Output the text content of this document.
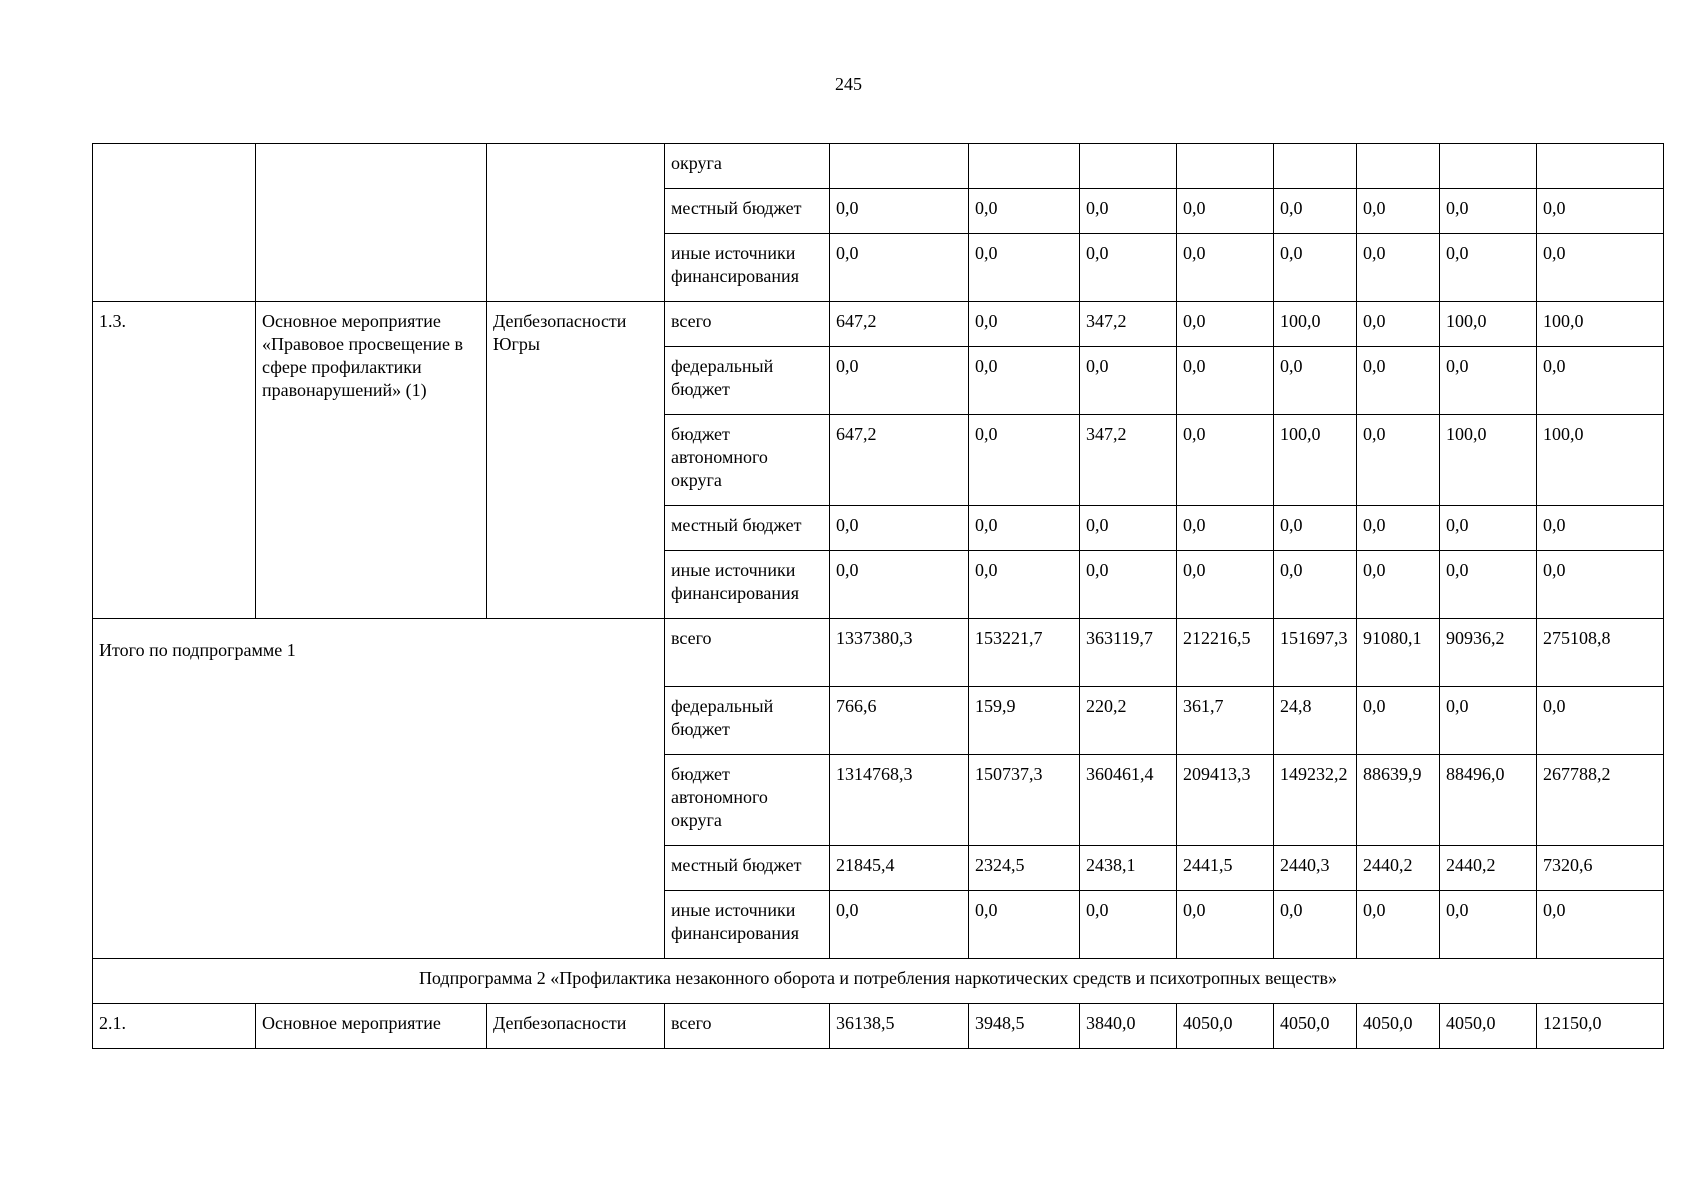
245
			округа								
			местный бюджет	0,0	0,0	0,0	0,0	0,0	0,0	0,0	0,0
			иные источники финансирования	0,0	0,0	0,0	0,0	0,0	0,0	0,0	0,0
1.3.	Основное мероприятие «Правовое просвещение в сфере профилактики правонарушений» (1)	Депбезопасности Югры	всего	647,2	0,0	347,2	0,0	100,0	0,0	100,0	100,0
			федеральный бюджет	0,0	0,0	0,0	0,0	0,0	0,0	0,0	0,0
			бюджет автономного округа	647,2	0,0	347,2	0,0	100,0	0,0	100,0	100,0
			местный бюджет	0,0	0,0	0,0	0,0	0,0	0,0	0,0	0,0
			иные источники финансирования	0,0	0,0	0,0	0,0	0,0	0,0	0,0	0,0
Итого по подпрограмме 1			всего	1337380,3	153221,7	363119,7	212216,5	151697,3	91080,1	90936,2	275108,8
			федеральный бюджет	766,6	159,9	220,2	361,7	24,8	0,0	0,0	0,0
			бюджет автономного округа	1314768,3	150737,3	360461,4	209413,3	149232,2	88639,9	88496,0	267788,2
			местный бюджет	21845,4	2324,5	2438,1	2441,5	2440,3	2440,2	2440,2	7320,6
			иные источники финансирования	0,0	0,0	0,0	0,0	0,0	0,0	0,0	0,0
Подпрограмма 2 «Профилактика незаконного оборота и потребления наркотических средств и психотропных веществ»											
2.1.	Основное мероприятие	Депбезопасности	всего	36138,5	3948,5	3840,0	4050,0	4050,0	4050,0	4050,0	12150,0
